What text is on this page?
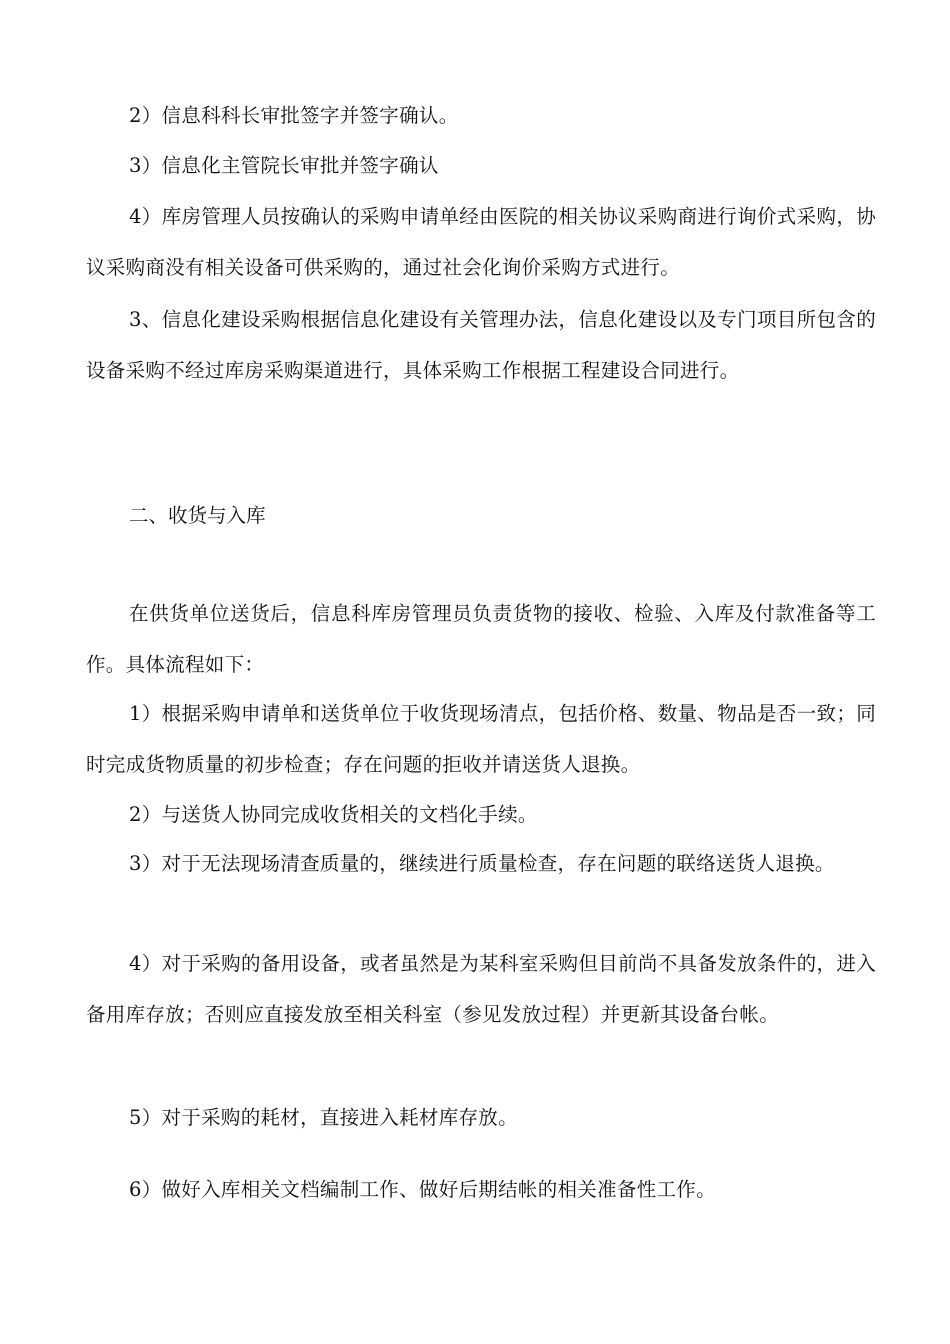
2）信息科科长审批签字并签字确认。

3）信息化主管院长审批并签字确认

4）库房管理人员按确认的采购申请单经由医院的相关协议采购商进行询价式采购，协议采购商没有相关设备可供采购的，通过社会化询价采购方式进行。

3、信息化建设采购根据信息化建设有关管理办法，信息化建设以及专门项目所包含的设备采购不经过库房采购渠道进行，具体采购工作根据工程建设合同进行。

二、收货与入库

在供货单位送货后，信息科库房管理员负责货物的接收、检验、入库及付款准备等工作。具体流程如下：

1）根据采购申请单和送货单位于收货现场清点，包括价格、数量、物品是否一致；同时完成货物质量的初步检查；存在问题的拒收并请送货人退换。

2）与送货人协同完成收货相关的文档化手续。

3）对于无法现场清查质量的，继续进行质量检查，存在问题的联络送货人退换。

4）对于采购的备用设备，或者虽然是为某科室采购但目前尚不具备发放条件的，进入备用库存放；否则应直接发放至相关科室（参见发放过程）并更新其设备台帐。

5）对于采购的耗材，直接进入耗材库存放。

6）做好入库相关文档编制工作、做好后期结帐的相关准备性工作。
